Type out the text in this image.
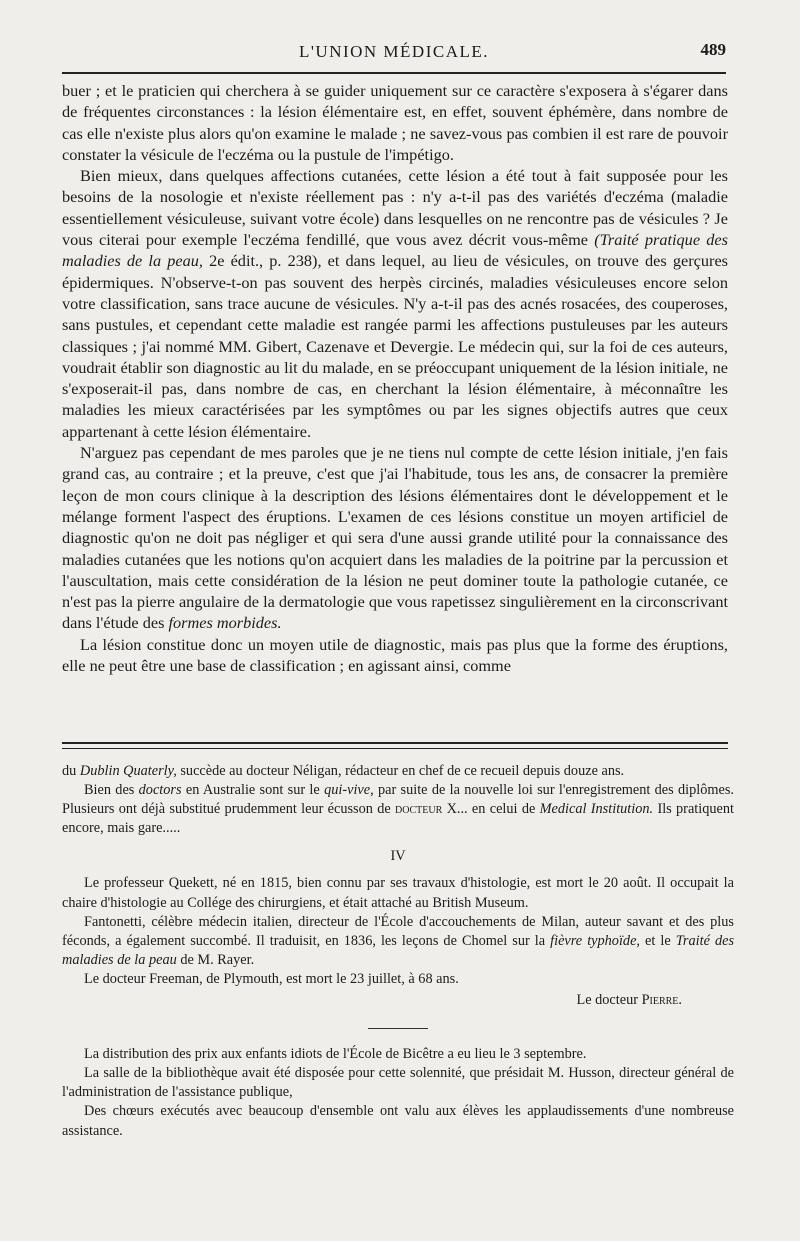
L'UNION MÉDICALE.	489

buer ; et le praticien qui cherchera à se guider uniquement sur ce caractère s'exposera à s'égarer dans de fréquentes circonstances : la lésion élémentaire est, en effet, souvent éphémère, dans nombre de cas elle n'existe plus alors qu'on examine le malade ; ne savez-vous pas combien il est rare de pouvoir constater la vésicule de l'eczéma ou la pustule de l'impétigo.

Bien mieux, dans quelques affections cutanées, cette lésion a été tout à fait supposée pour les besoins de la nosologie et n'existe réellement pas : n'y a-t-il pas des variétés d'eczéma (maladie essentiellement vésiculeuse, suivant votre école) dans lesquelles on ne rencontre pas de vésicules ? Je vous citerai pour exemple l'eczéma fendillé, que vous avez décrit vous-même (Traité pratique des maladies de la peau, 2e édit., p. 238), et dans lequel, au lieu de vésicules, on trouve des gerçures épidermiques. N'observe-t-on pas souvent des herpès circinés, maladies vésiculeuses encore selon votre classification, sans trace aucune de vésicules. N'y a-t-il pas des acnés rosacées, des couperoses, sans pustules, et cependant cette maladie est rangée parmi les affections pustuleuses par les auteurs classiques ; j'ai nommé MM. Gibert, Cazenave et Devergie. Le médecin qui, sur la foi de ces auteurs, voudrait établir son diagnostic au lit du malade, en se préoccupant uniquement de la lésion initiale, ne s'exposerait-il pas, dans nombre de cas, en cherchant la lésion élémentaire, à méconnaître les maladies les mieux caractérisées par les symptômes ou par les signes objectifs autres que ceux appartenant à cette lésion élémentaire.

N'arguez pas cependant de mes paroles que je ne tiens nul compte de cette lésion initiale, j'en fais grand cas, au contraire ; et la preuve, c'est que j'ai l'habitude, tous les ans, de consacrer la première leçon de mon cours clinique à la description des lésions élémentaires dont le développement et le mélange forment l'aspect des éruptions. L'examen de ces lésions constitue un moyen artificiel de diagnostic qu'on ne doit pas négliger et qui sera d'une aussi grande utilité pour la connaissance des maladies cutanées que les notions qu'on acquiert dans les maladies de la poitrine par la percussion et l'auscultation, mais cette considération de la lésion ne peut dominer toute la pathologie cutanée, ce n'est pas la pierre angulaire de la dermatologie que vous rapetissez singulièrement en la circonscrivant dans l'étude des formes morbides.

La lésion constitue donc un moyen utile de diagnostic, mais pas plus que la forme des éruptions, elle ne peut être une base de classification ; en agissant ainsi, comme

du Dublin Quaterly, succède au docteur Néligan, rédacteur en chef de ce recueil depuis douze ans.

Bien des doctors en Australie sont sur le qui-vive, par suite de la nouvelle loi sur l'enregistrement des diplômes. Plusieurs ont déjà substitué prudemment leur écusson de docteur X... en celui de Medical Institution. Ils pratiquent encore, mais gare.....

IV

Le professeur Quekett, né en 1815, bien connu par ses travaux d'histologie, est mort le 20 août. Il occupait la chaire d'histologie au Collége des chirurgiens, et était attaché au British Museum.

Fantonetti, célèbre médecin italien, directeur de l'École d'accouchements de Milan, auteur savant et des plus féconds, a également succombé. Il traduisit, en 1836, les leçons de Chomel sur la fièvre typhoïde, et le Traité des maladies de la peau de M. Rayer.

Le docteur Freeman, de Plymouth, est mort le 23 juillet, à 68 ans.

Le docteur Pierre.

La distribution des prix aux enfants idiots de l'École de Bicêtre a eu lieu le 3 septembre.

La salle de la bibliothèque avait été disposée pour cette solennité, que présidait M. Husson, directeur général de l'administration de l'assistance publique,

Des chœurs exécutés avec beaucoup d'ensemble ont valu aux élèves les applaudissements d'une nombreuse assistance.
